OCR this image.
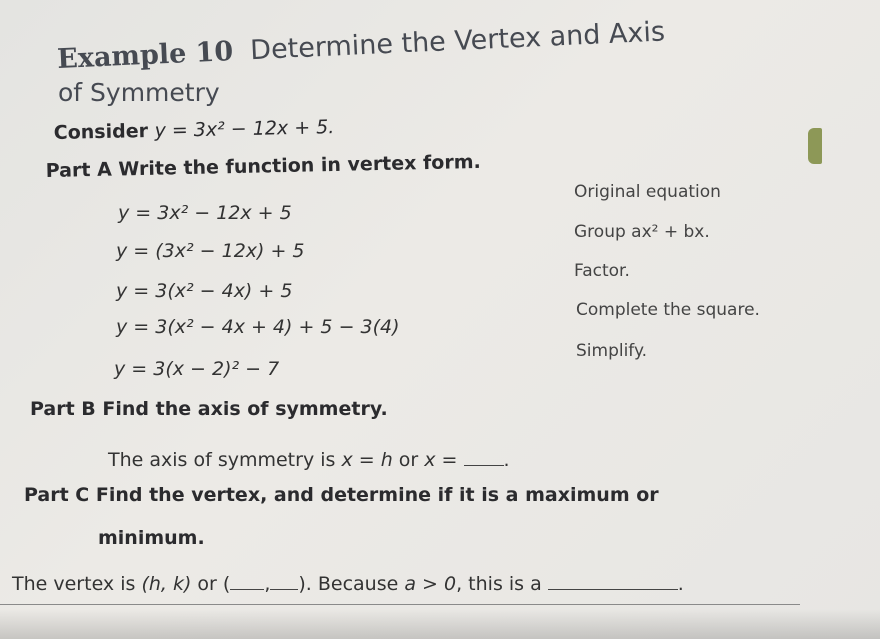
Example 10 Determine the Vertex and Axis
of Symmetry
Consider y = 3x² − 12x + 5.
Part A Write the function in vertex form.
y = 3x² − 12x + 5
Original equation
y = (3x² − 12x) + 5
Group ax² + bx.
y = 3(x² − 4x) + 5
Factor.
y = 3(x² − 4x + 4) + 5 − 3(4)
Complete the square.
y = 3(x − 2)² − 7
Simplify.
Part B Find the axis of symmetry.
The axis of symmetry is x = h or x = .
Part C Find the vertex, and determine if it is a maximum or
minimum.
The vertex is (h, k) or ( , ). Because a > 0, this is a	.
